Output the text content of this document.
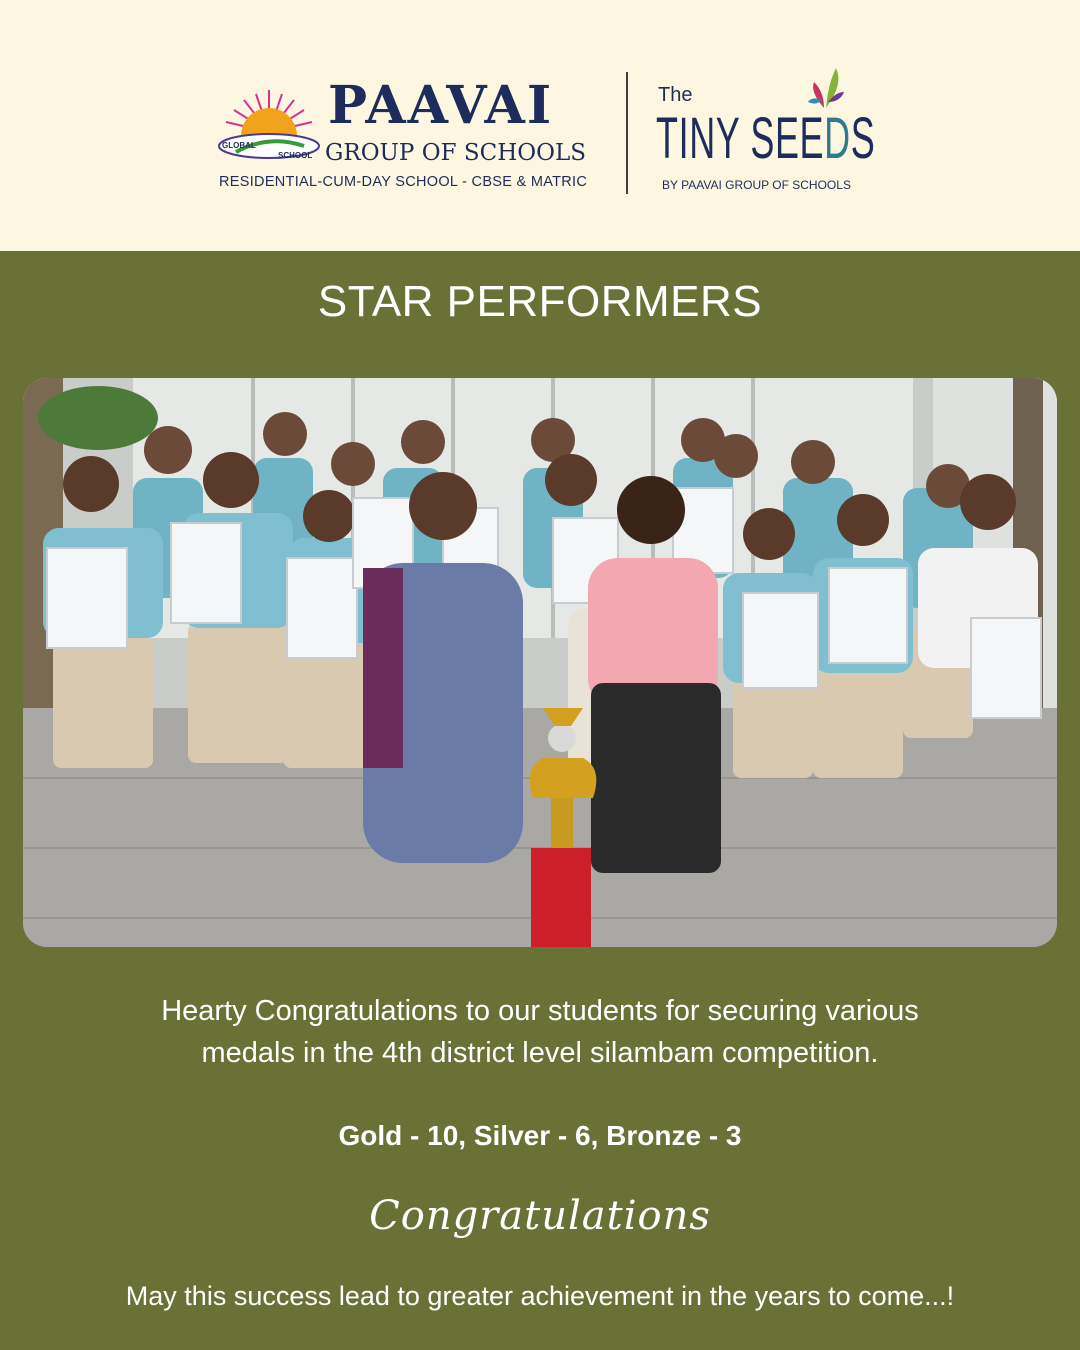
GLOBAL
SCHOOL
PAAVAI
GROUP OF SCHOOLS
RESIDENTIAL-CUM-DAY SCHOOL - CBSE & MATRIC
The
TINY SEEDS
BY PAAVAI GROUP OF SCHOOLS
STAR PERFORMERS
Hearty Congratulations to our students for securing various medals in the 4th district level silambam competition.
Gold - 10, Silver - 6, Bronze - 3
Congratulations
May this success lead to greater achievement in the years to come...!
